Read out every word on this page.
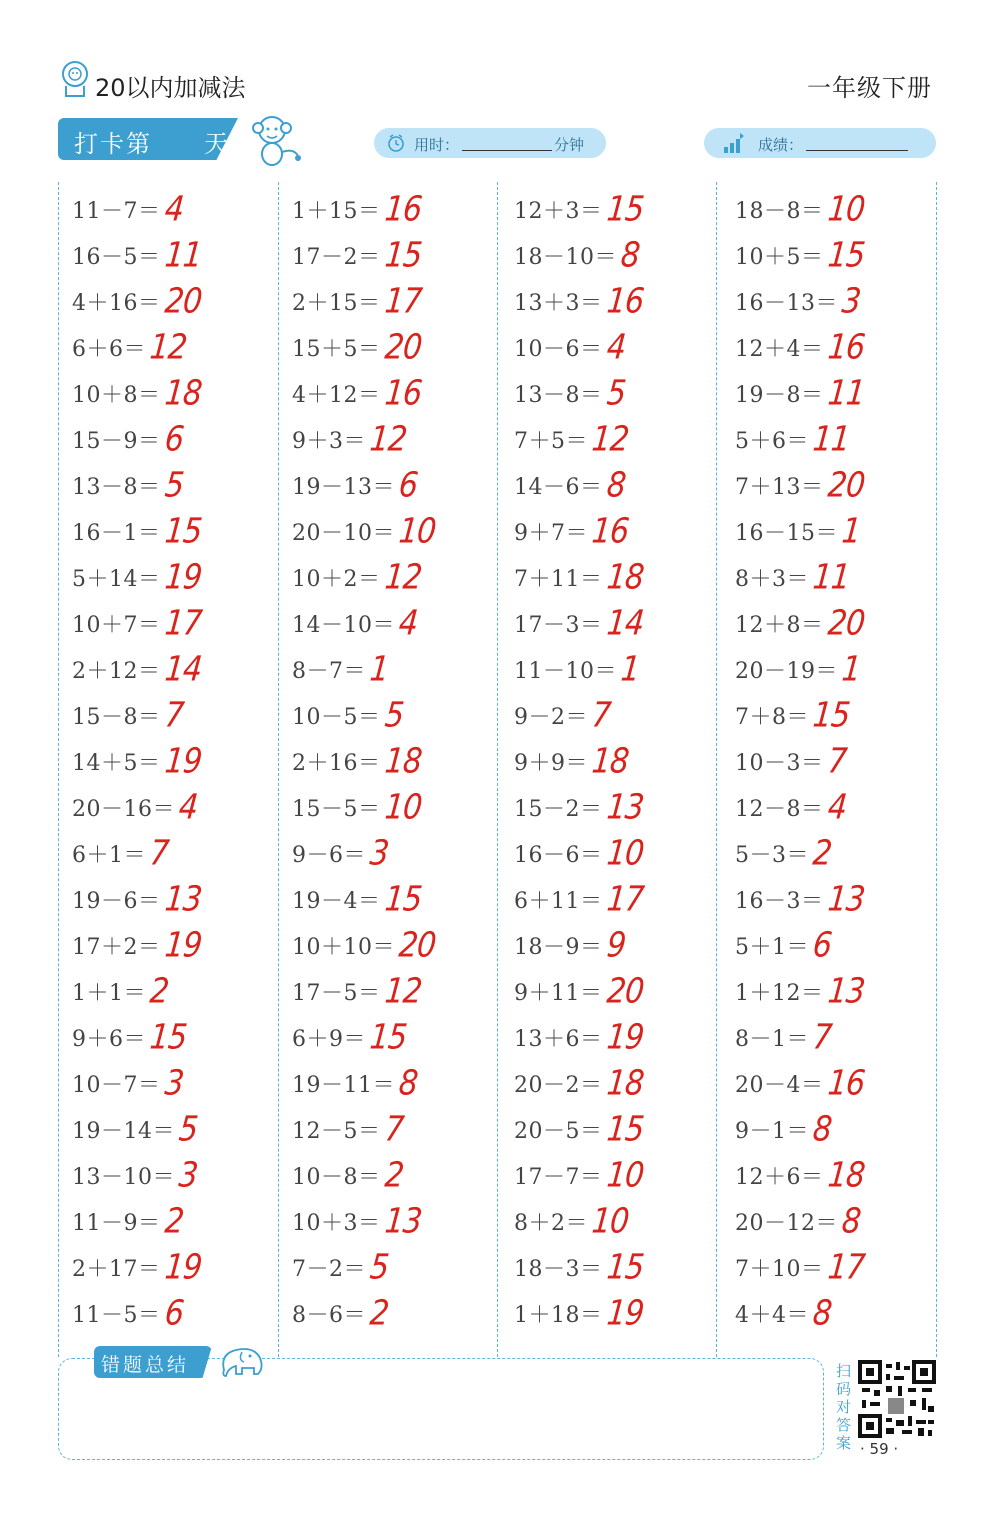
20以内加减法	一年级下册
打卡第 天	用时：	分钟	成绩：
11－7＝ 4
16－5＝ 11
4＋16＝ 20
6＋6＝ 12
10＋8＝ 18
15－9＝ 6
13－8＝ 5
16－1＝ 15
5＋14＝ 19
10＋7＝ 17
2＋12＝ 14
15－8＝ 7
14＋5＝ 19
20－16＝ 4
6＋1＝ 7
19－6＝ 13
17＋2＝ 19
1＋1＝ 2
9＋6＝ 15
10－7＝ 3
19－14＝ 5
13－10＝ 3
11－9＝ 2
2＋17＝ 19
11－5＝ 6
1＋15＝ 16
17－2＝ 15
2＋15＝ 17
15＋5＝ 20
4＋12＝ 16
9＋3＝ 12
19－13＝ 6
20－10＝ 10
10＋2＝ 12
14－10＝ 4
8－7＝ 1
10－5＝ 5
2＋16＝ 18
15－5＝ 10
9－6＝ 3
19－4＝ 15
10＋10＝ 20
17－5＝ 12
6＋9＝ 15
19－11＝ 8
12－5＝ 7
10－8＝ 2
10＋3＝ 13
7－2＝ 5
8－6＝ 2
12＋3＝ 15
18－10＝ 8
13＋3＝ 16
10－6＝ 4
13－8＝ 5
7＋5＝ 12
14－6＝ 8
9＋7＝ 16
7＋11＝ 18
17－3＝ 14
11－10＝ 1
9－2＝ 7
9＋9＝ 18
15－2＝ 13
16－6＝ 10
6＋11＝ 17
18－9＝ 9
9＋11＝ 20
13＋6＝ 19
20－2＝ 18
20－5＝ 15
17－7＝ 10
8＋2＝ 10
18－3＝ 15
1＋18＝ 19
18－8＝ 10
10＋5＝ 15
16－13＝ 3
12＋4＝ 16
19－8＝ 11
5＋6＝ 11
7＋13＝ 20
16－15＝ 1
8＋3＝ 11
12＋8＝ 20
20－19＝ 1
7＋8＝ 15
10－3＝ 7
12－8＝ 4
5－3＝ 2
16－3＝ 13
5＋1＝ 6
1＋12＝ 13
8－1＝ 7
20－4＝ 16
9－1＝ 8
12＋6＝ 18
20－12＝ 8
7＋10＝ 17
4＋4＝ 8
错题总结	扫码对答案 · 59 ·
